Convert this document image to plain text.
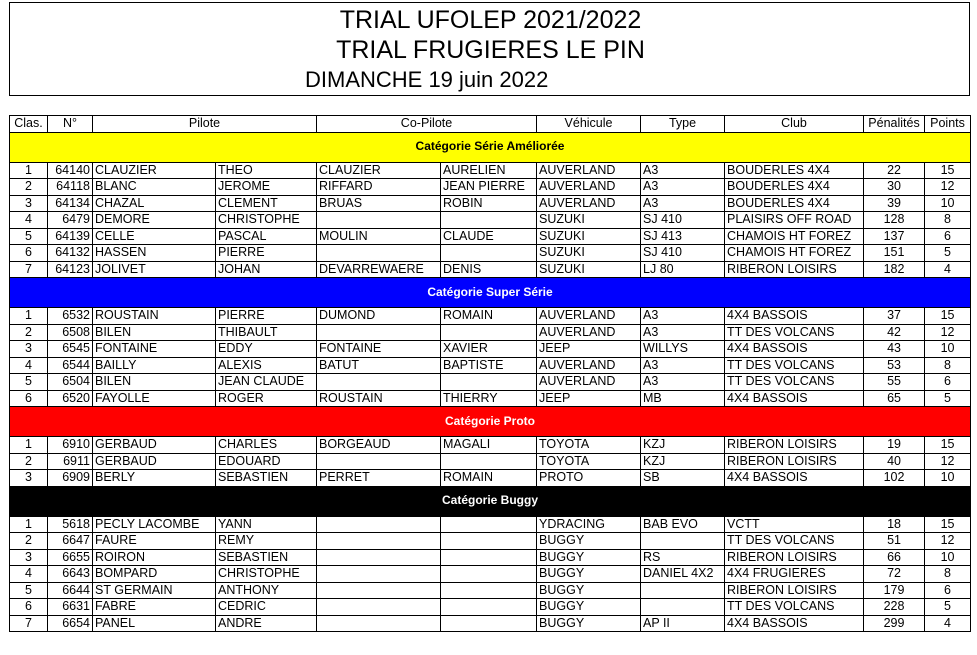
TRIAL UFOLEP 2021/2022
TRIAL FRUGIERES LE PIN
DIMANCHE 19 juin 2022
Clas.	N°	Pilote		Co-Pilote		Véhicule	Type	Club	Pénalités	Points
Catégorie Série Améliorée										
1	64140	CLAUZIER	THEO	CLAUZIER	AURELIEN	AUVERLAND	A3	BOUDERLES 4X4	22	15
2	64118	BLANC	JEROME	RIFFARD	JEAN PIERRE	AUVERLAND	A3	BOUDERLES 4X4	30	12
3	64134	CHAZAL	CLEMENT	BRUAS	ROBIN	AUVERLAND	A3	BOUDERLES 4X4	39	10
4	6479	DEMORE	CHRISTOPHE			SUZUKI	SJ 410	PLAISIRS OFF ROAD	128	8
5	64139	CELLE	PASCAL	MOULIN	CLAUDE	SUZUKI	SJ 413	CHAMOIS HT FOREZ	137	6
6	64132	HASSEN	PIERRE			SUZUKI	SJ 410	CHAMOIS HT FOREZ	151	5
7	64123	JOLIVET	JOHAN	DEVARREWAERE	DENIS	SUZUKI	LJ 80	RIBERON LOISIRS	182	4
Catégorie Super Série										
1	6532	ROUSTAIN	PIERRE	DUMOND	ROMAIN	AUVERLAND	A3	4X4 BASSOIS	37	15
2	6508	BILEN	THIBAULT			AUVERLAND	A3	TT DES VOLCANS	42	12
3	6545	FONTAINE	EDDY	FONTAINE	XAVIER	JEEP	WILLYS	4X4 BASSOIS	43	10
4	6544	BAILLY	ALEXIS	BATUT	BAPTISTE	AUVERLAND	A3	TT DES VOLCANS	53	8
5	6504	BILEN	JEAN CLAUDE			AUVERLAND	A3	TT DES VOLCANS	55	6
6	6520	FAYOLLE	ROGER	ROUSTAIN	THIERRY	JEEP	MB	4X4 BASSOIS	65	5
Catégorie Proto										
1	6910	GERBAUD	CHARLES	BORGEAUD	MAGALI	TOYOTA	KZJ	RIBERON LOISIRS	19	15
2	6911	GERBAUD	EDOUARD			TOYOTA	KZJ	RIBERON LOISIRS	40	12
3	6909	BERLY	SEBASTIEN	PERRET	ROMAIN	PROTO	SB	4X4 BASSOIS	102	10
Catégorie Buggy										
1	5618	PECLY LACOMBE	YANN			YDRACING	BAB EVO	VCTT	18	15
2	6647	FAURE	REMY			BUGGY		TT DES VOLCANS	51	12
3	6655	ROIRON	SEBASTIEN			BUGGY	RS	RIBERON LOISIRS	66	10
4	6643	BOMPARD	CHRISTOPHE			BUGGY	DANIEL 4X2	4X4 FRUGIERES	72	8
5	6644	ST GERMAIN	ANTHONY			BUGGY		RIBERON LOISIRS	179	6
6	6631	FABRE	CEDRIC			BUGGY		TT DES VOLCANS	228	5
7	6654	PANEL	ANDRE			BUGGY	AP II	4X4 BASSOIS	299	4
